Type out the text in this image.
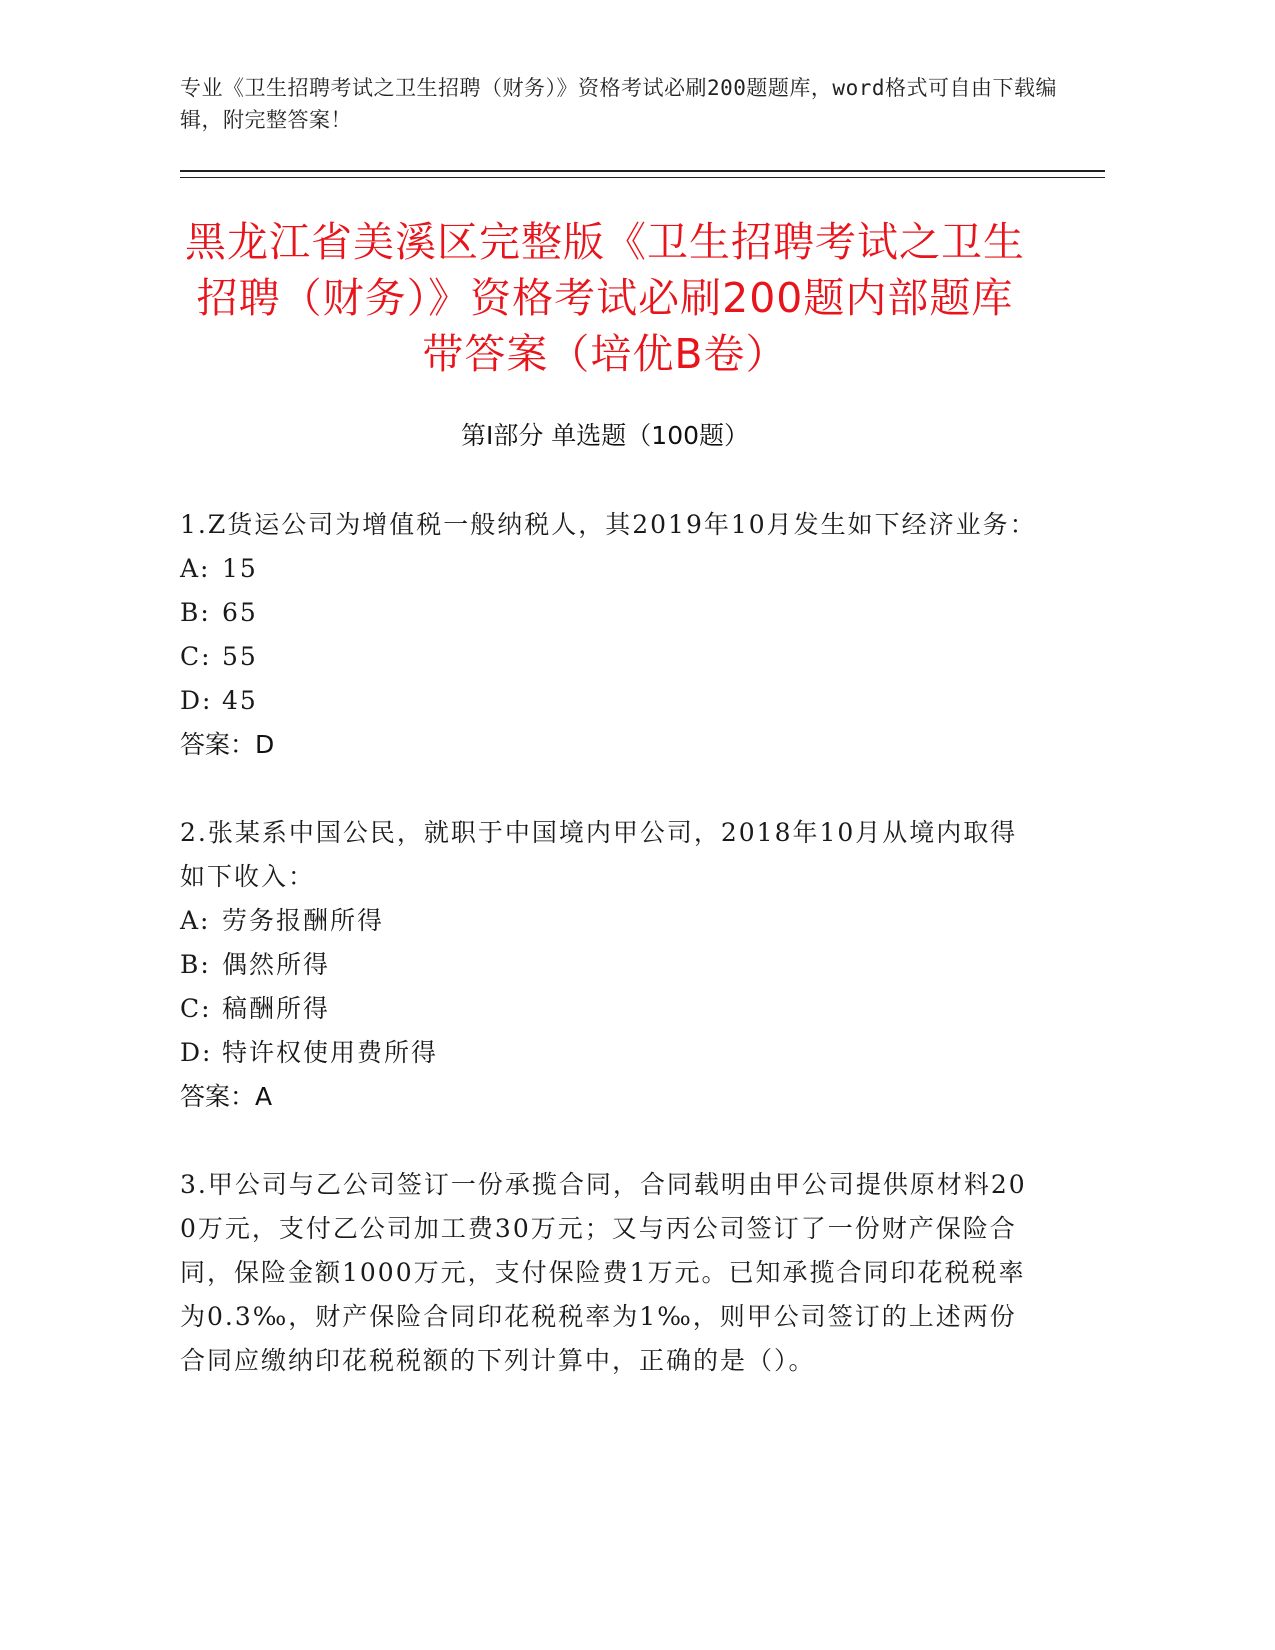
专业《卫生招聘考试之卫生招聘（财务）》资格考试必刷200题题库，word格式可自由下载编辑，附完整答案！
黑龙江省美溪区完整版《卫生招聘考试之卫生招聘（财务）》资格考试必刷200题内部题库带答案（培优B卷）
第I部分 单选题（100题）

1.Z货运公司为增值税一般纳税人，其2019年10月发生如下经济业务：

A: 15

B: 65

C: 55

D: 45

答案：D

2.张某系中国公民，就职于中国境内甲公司，2018年10月从境内取得如下收入：

A: 劳务报酬所得

B: 偶然所得

C: 稿酬所得

D: 特许权使用费所得

答案：A

3.甲公司与乙公司签订一份承揽合同，合同载明由甲公司提供原材料200万元，支付乙公司加工费30万元；又与丙公司签订了一份财产保险合同，保险金额1000万元，支付保险费1万元。已知承揽合同印花税税率为0.3‰，财产保险合同印花税税率为1‰，则甲公司签订的上述两份合同应缴纳印花税税额的下列计算中，正确的是（）。
